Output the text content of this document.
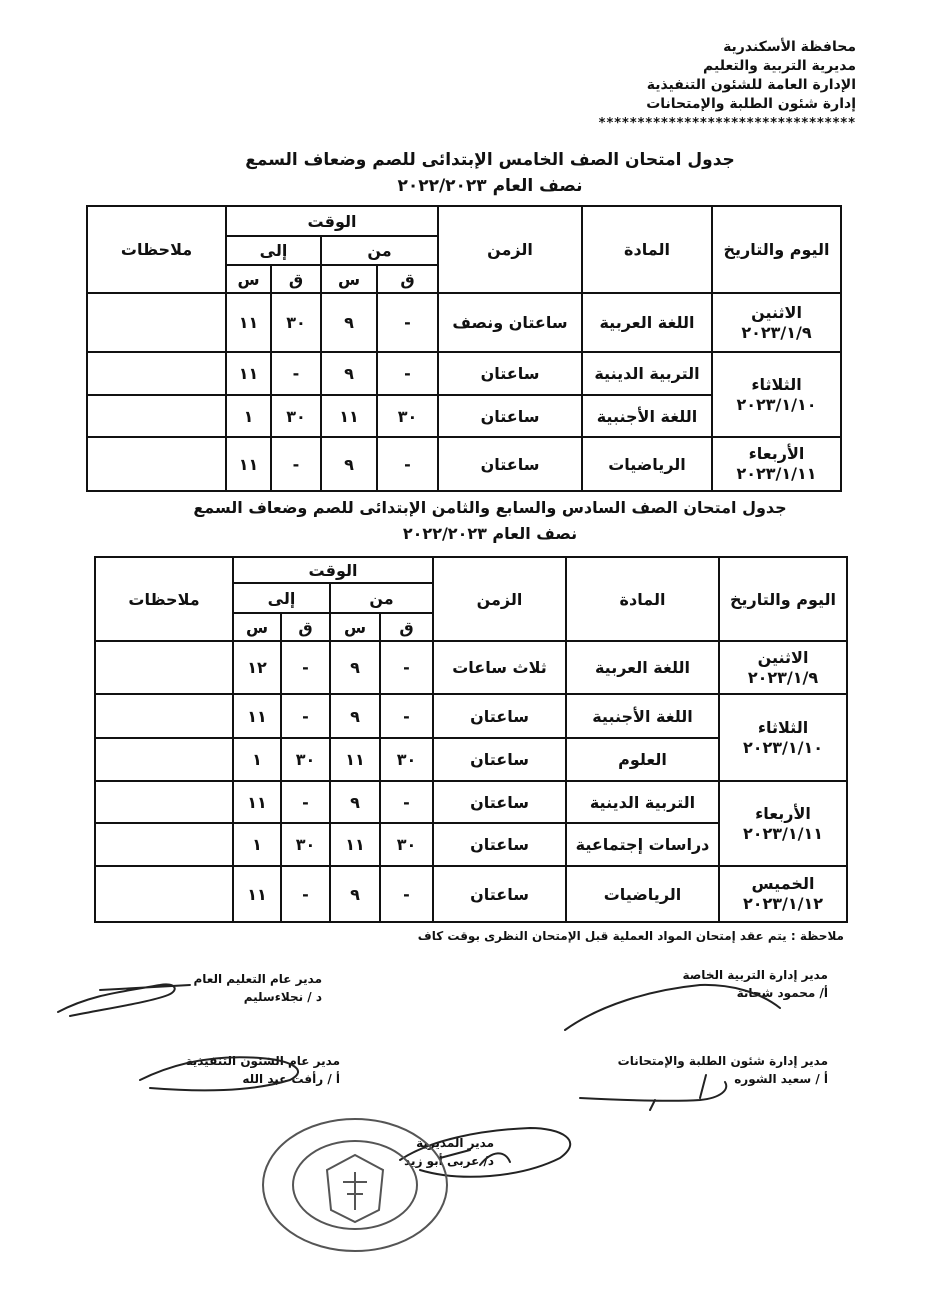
محافظة الأسكندرية
مديرية التربية والتعليم
الإدارة العامة للشئون التنفيذية
إدارة شئون الطلبة والإمتحانات
*********************************
جدول امتحان الصف الخامس الإبتدائى للصم وضعاف السمع
نصف العام ٢٠٢٢/٢٠٢٣
اليوم والتاريخ	المادة	الزمن	الوقت				ملاحظات
			من		إلى		
			ق	س	ق	س	

الاثنين
٢٠٢٣/١/٩	اللغة العربية	ساعتان ونصف	-	٩	٣٠	١١	

الثلاثاء
٢٠٢٣/١/١٠	التربية الدينية	ساعتان	-	٩	-	١١	
	اللغة الأجنبية	ساعتان	٣٠	١١	٣٠	١	

الأربعاء
٢٠٢٣/١/١١	الرياضيات	ساعتان	-	٩	-	١١	
جدول امتحان الصف السادس والسابع والثامن الإبتدائى للصم وضعاف السمع
نصف العام ٢٠٢٢/٢٠٢٣
اليوم والتاريخ	المادة	الزمن	الوقت				ملاحظات
			من		إلى		
			ق	س	ق	س	

الاثنين
٢٠٢٣/١/٩	اللغة العربية	ثلاث ساعات	-	٩	-	١٢	

الثلاثاء
٢٠٢٣/١/١٠	اللغة الأجنبية	ساعتان	-	٩	-	١١	
	العلوم	ساعتان	٣٠	١١	٣٠	١	

الأربعاء
٢٠٢٣/١/١١	التربية الدينية	ساعتان	-	٩	-	١١	
	دراسات إجتماعية	ساعتان	٣٠	١١	٣٠	١	

الخميس
٢٠٢٣/١/١٢	الرياضيات	ساعتان	-	٩	-	١١	
ملاحظة : يتم عقد إمتحان المواد العملية قبل الإمتحان النظرى بوقت كاف
مدير إدارة التربية الخاصة
أ/ محمود شحاتة
مدير عام التعليم العام
د / نجلاءسليم
مدير إدارة شئون الطلبة والإمتحانات
أ / سعيد الشوره
مدير عام الشئون التنفيذية
أ / رأفت عبد الله
مدير المديرية
د/ عربى أبو زيد
